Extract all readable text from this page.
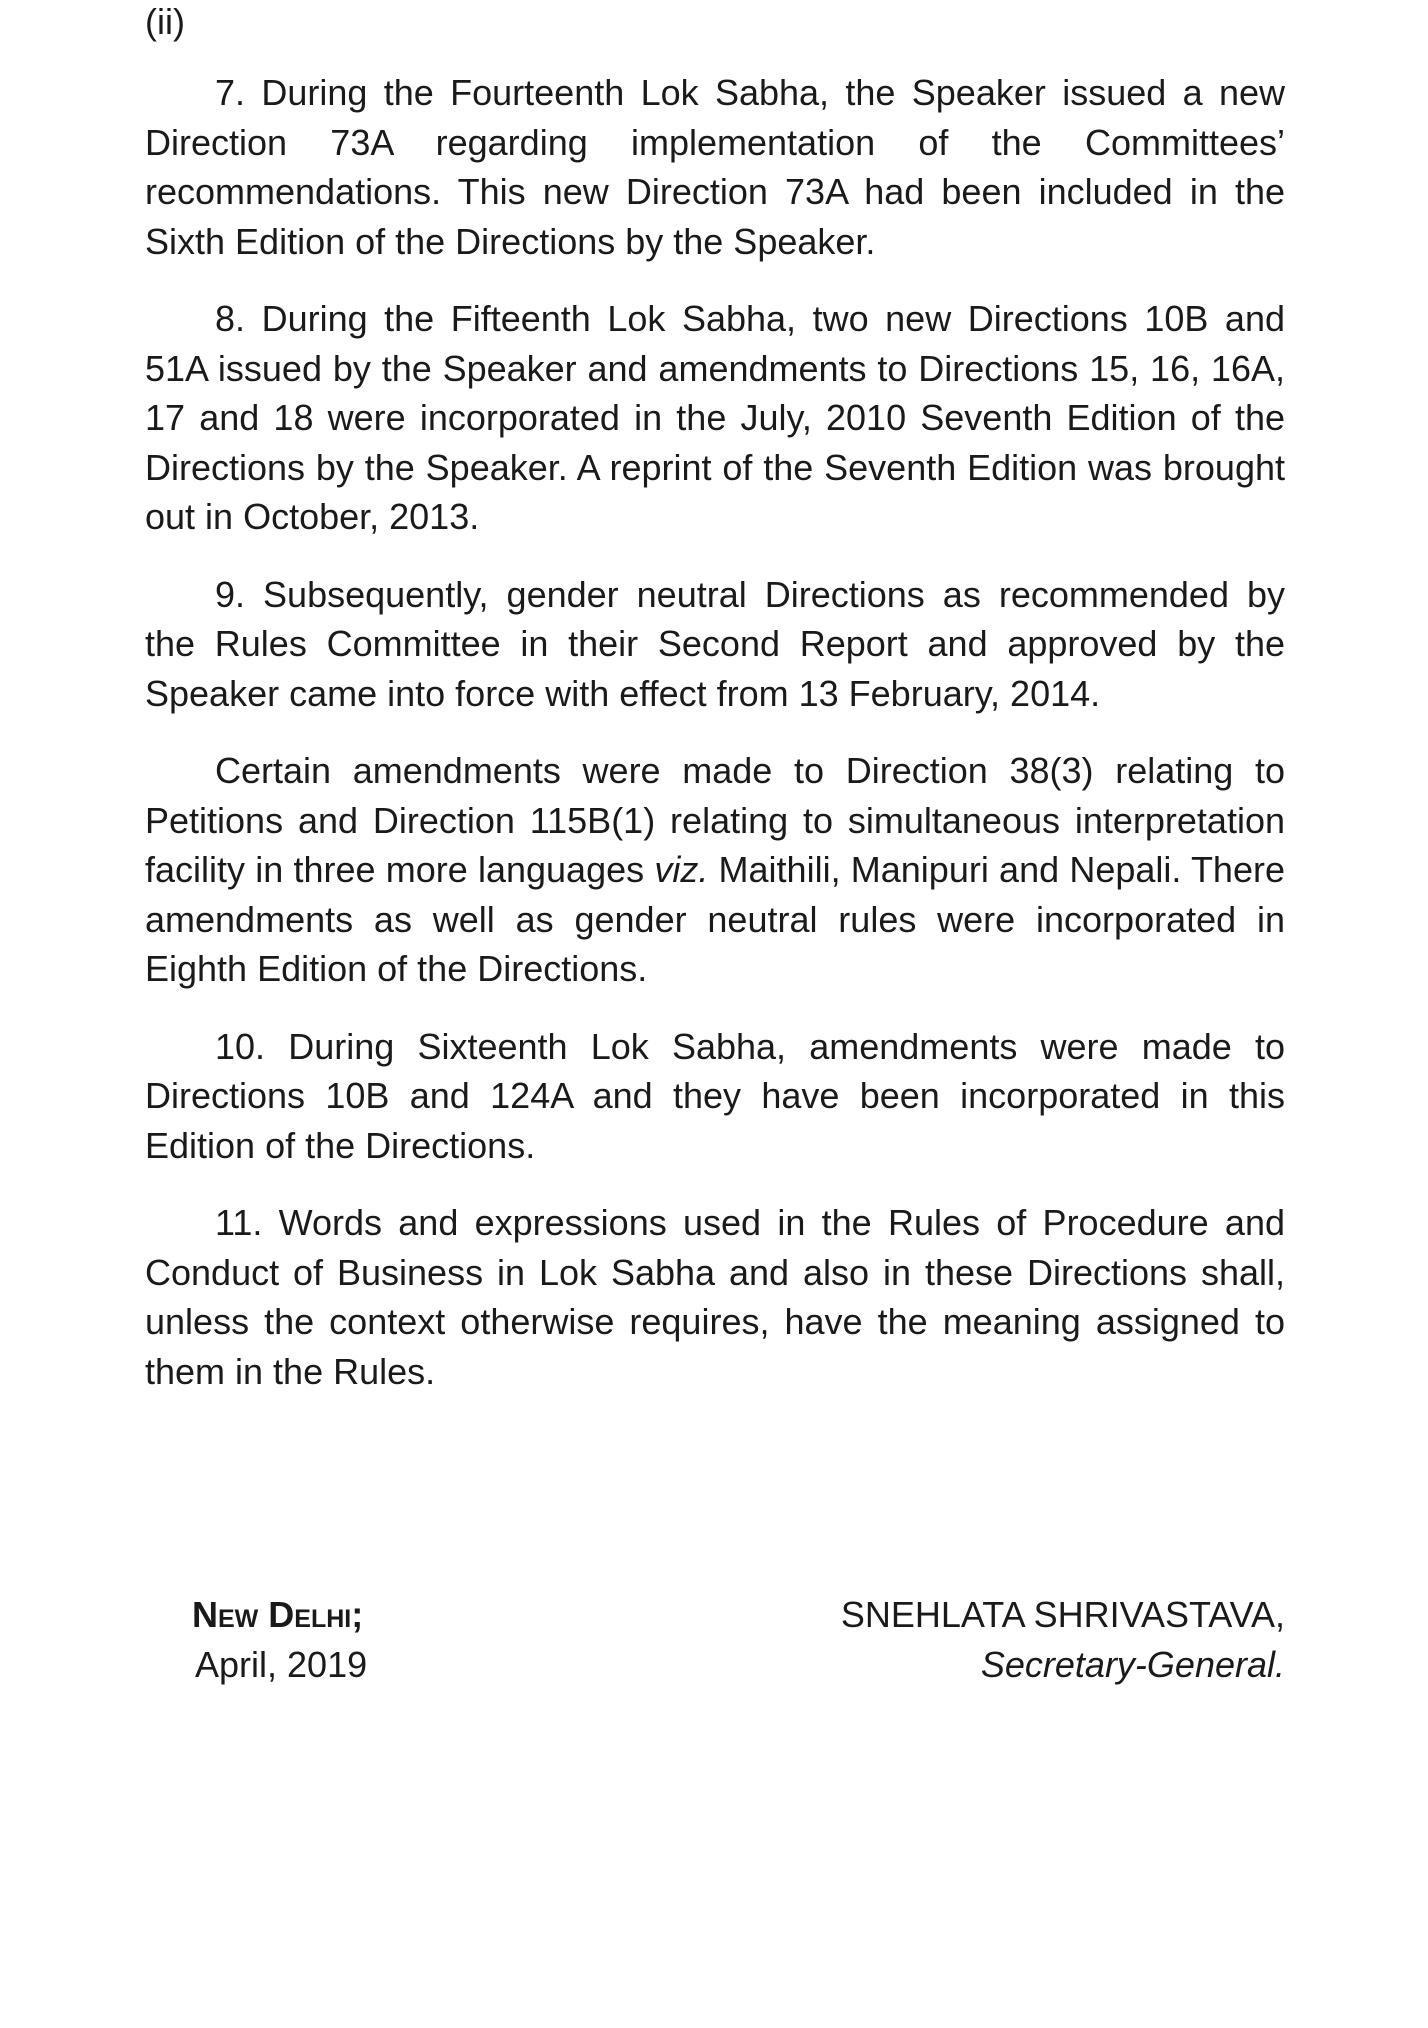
(ii)

7. During the Fourteenth Lok Sabha, the Speaker issued a new Direction 73A regarding implementation of the Committees’ recommendations. This new Direction 73A had been included in the Sixth Edition of the Directions by the Speaker.

8. During the Fifteenth Lok Sabha, two new Directions 10B and 51A issued by the Speaker and amendments to Directions 15, 16, 16A, 17 and 18 were incorporated in the July, 2010 Seventh Edition of the Directions by the Speaker. A reprint of the Seventh Edition was brought out in October, 2013.

9. Subsequently, gender neutral Directions as recommended by the Rules Committee in their Second Report and approved by the Speaker came into force with effect from 13 February, 2014.

Certain amendments were made to Direction 38(3) relating to Petitions and Direction 115B(1) relating to simultaneous interpretation facility in three more languages viz. Maithili, Manipuri and Nepali. There amendments as well as gender neutral rules were incorporated in Eighth Edition of the Directions.

10. During Sixteenth Lok Sabha, amendments were made to Directions 10B and 124A and they have been incorporated in this Edition of the Directions.

11. Words and expressions used in the Rules of Procedure and Conduct of Business in Lok Sabha and also in these Directions shall, unless the context otherwise requires, have the meaning assigned to them in the Rules.

New Delhi;
April, 2019
SNEHLATA SHRIVASTAVA,
Secretary-General.
